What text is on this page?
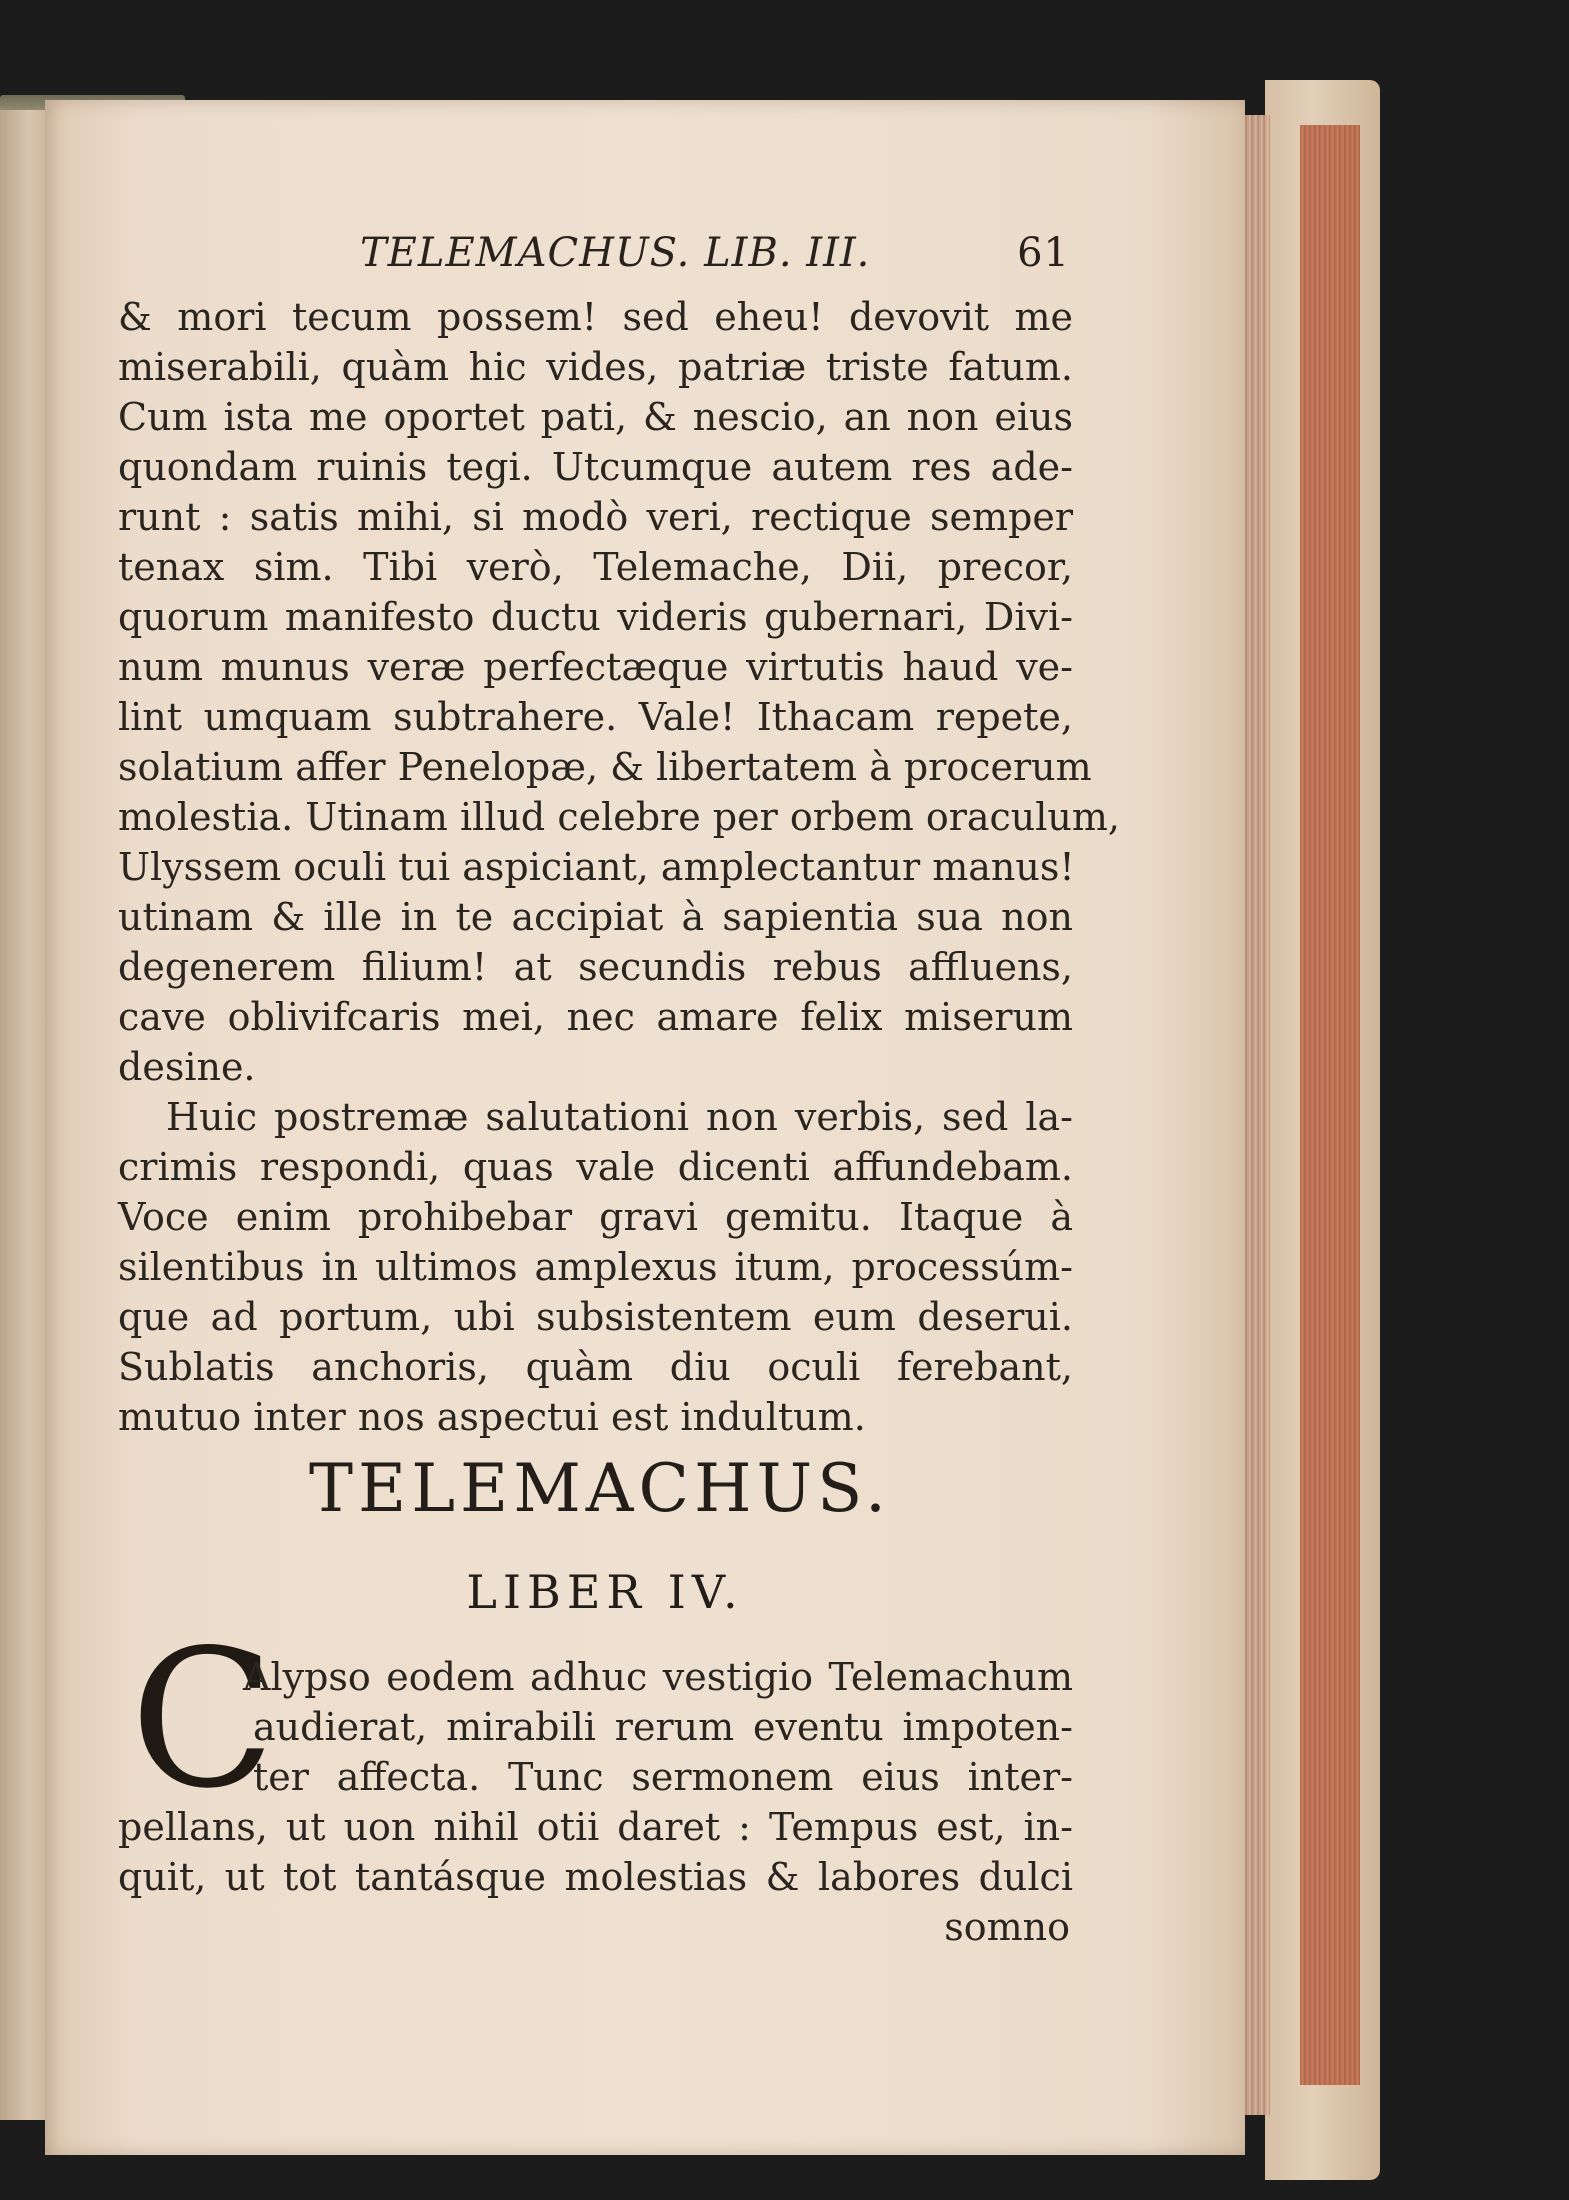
TELEMACHUS. LIB. III.	61
& mori tecum possem! sed eheu! devovit me
miserabili, quàm hic vides, patriæ triste fatum.
Cum ista me oportet pati, & nescio, an non eius
quondam ruinis tegi. Utcumque autem res ade-
runt : satis mihi, si modò veri, rectique semper
tenax sim. Tibi verò, Telemache, Dii, precor,
quorum manifesto ductu videris gubernari, Divi-
num munus veræ perfectæque virtutis haud ve-
lint umquam subtrahere. Vale! Ithacam repete,
solatium affer Penelopæ, & libertatem à procerum
molestia. Utinam illud celebre per orbem oraculum,
Ulyssem oculi tui aspiciant, amplectantur manus!
utinam & ille in te accipiat à sapientia sua non
degenerem filium! at secundis rebus affluens,
cave oblivifcaris mei, nec amare felix miserum
desine.
Huic postremæ salutationi non verbis, sed la-
crimis respondi, quas vale dicenti affundebam.
Voce enim prohibebar gravi gemitu. Itaque à
silentibus in ultimos amplexus itum, processúm-
que ad portum, ubi subsistentem eum deserui.
Sublatis anchoris, quàm diu oculi ferebant,
mutuo inter nos aspectui est indultum.
TELEMACHUS.
LIBER IV.
C
Alypso eodem adhuc vestigio Telemachum
audierat, mirabili rerum eventu impoten-
ter affecta. Tunc sermonem eius inter-
pellans, ut uon nihil otii daret : Tempus est, in-
quit, ut tot tantásque molestias & labores dulci
somno
